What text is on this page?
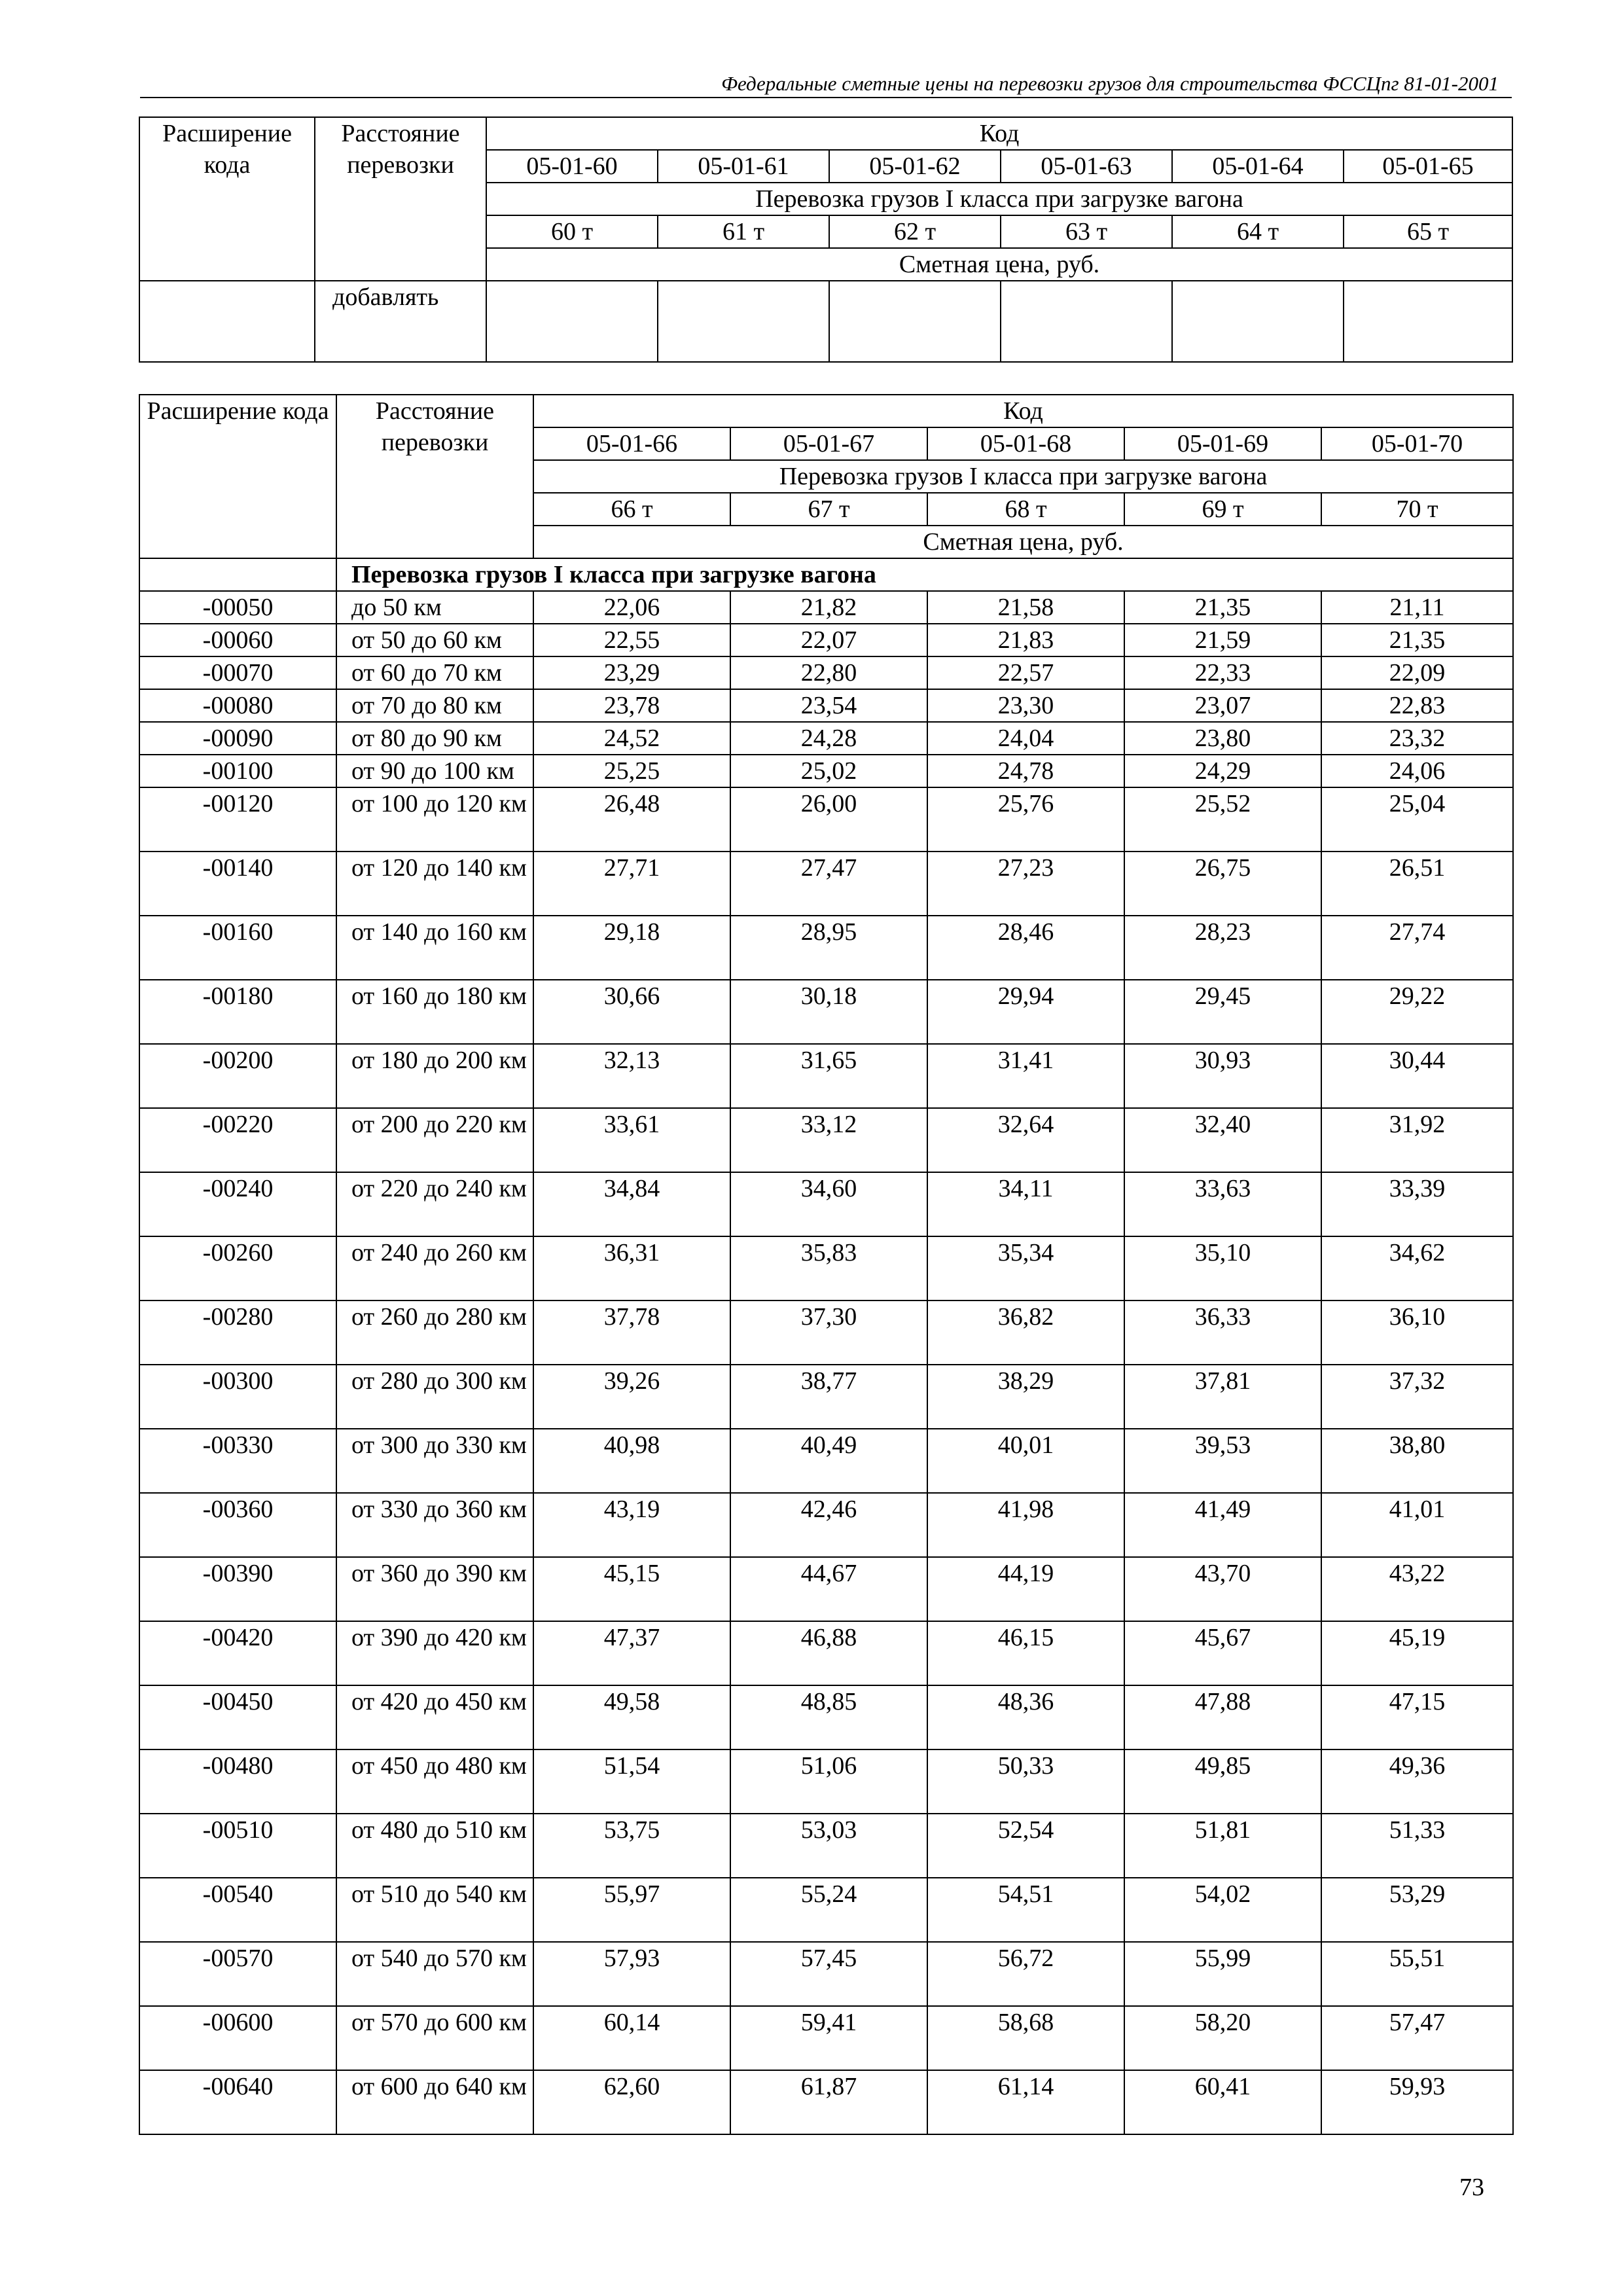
Федеральные сметные цены на перевозки грузов для строительства ФССЦпг 81-01-2001
Расширение кода	Расстояние перевозки	Код					
		05-01-60	05-01-61	05-01-62	05-01-63	05-01-64	05-01-65
		Перевозка грузов I класса при загрузке вагона					
		60 т	61 т	62 т	63 т	64 т	65 т
		Сметная цена, руб.					
	добавлять						
Расширение кода	Расстояние перевозки	Код				
		05-01-66	05-01-67	05-01-68	05-01-69	05-01-70
		Перевозка грузов I класса при загрузке вагона				
		66 т	67 т	68 т	69 т	70 т
		Сметная цена, руб.				
	Перевозка грузов I класса при загрузке вагона					
-00050	до 50 км	22,06	21,82	21,58	21,35	21,11
-00060	от 50 до 60 км	22,55	22,07	21,83	21,59	21,35
-00070	от 60 до 70 км	23,29	22,80	22,57	22,33	22,09
-00080	от 70 до 80 км	23,78	23,54	23,30	23,07	22,83
-00090	от 80 до 90 км	24,52	24,28	24,04	23,80	23,32
-00100	от 90 до 100 км	25,25	25,02	24,78	24,29	24,06
-00120	от 100 до 120 км	26,48	26,00	25,76	25,52	25,04
-00140	от 120 до 140 км	27,71	27,47	27,23	26,75	26,51
-00160	от 140 до 160 км	29,18	28,95	28,46	28,23	27,74
-00180	от 160 до 180 км	30,66	30,18	29,94	29,45	29,22
-00200	от 180 до 200 км	32,13	31,65	31,41	30,93	30,44
-00220	от 200 до 220 км	33,61	33,12	32,64	32,40	31,92
-00240	от 220 до 240 км	34,84	34,60	34,11	33,63	33,39
-00260	от 240 до 260 км	36,31	35,83	35,34	35,10	34,62
-00280	от 260 до 280 км	37,78	37,30	36,82	36,33	36,10
-00300	от 280 до 300 км	39,26	38,77	38,29	37,81	37,32
-00330	от 300 до 330 км	40,98	40,49	40,01	39,53	38,80
-00360	от 330 до 360 км	43,19	42,46	41,98	41,49	41,01
-00390	от 360 до 390 км	45,15	44,67	44,19	43,70	43,22
-00420	от 390 до 420 км	47,37	46,88	46,15	45,67	45,19
-00450	от 420 до 450 км	49,58	48,85	48,36	47,88	47,15
-00480	от 450 до 480 км	51,54	51,06	50,33	49,85	49,36
-00510	от 480 до 510 км	53,75	53,03	52,54	51,81	51,33
-00540	от 510 до 540 км	55,97	55,24	54,51	54,02	53,29
-00570	от 540 до 570 км	57,93	57,45	56,72	55,99	55,51
-00600	от 570 до 600 км	60,14	59,41	58,68	58,20	57,47
-00640	от 600 до 640 км	62,60	61,87	61,14	60,41	59,93
73
